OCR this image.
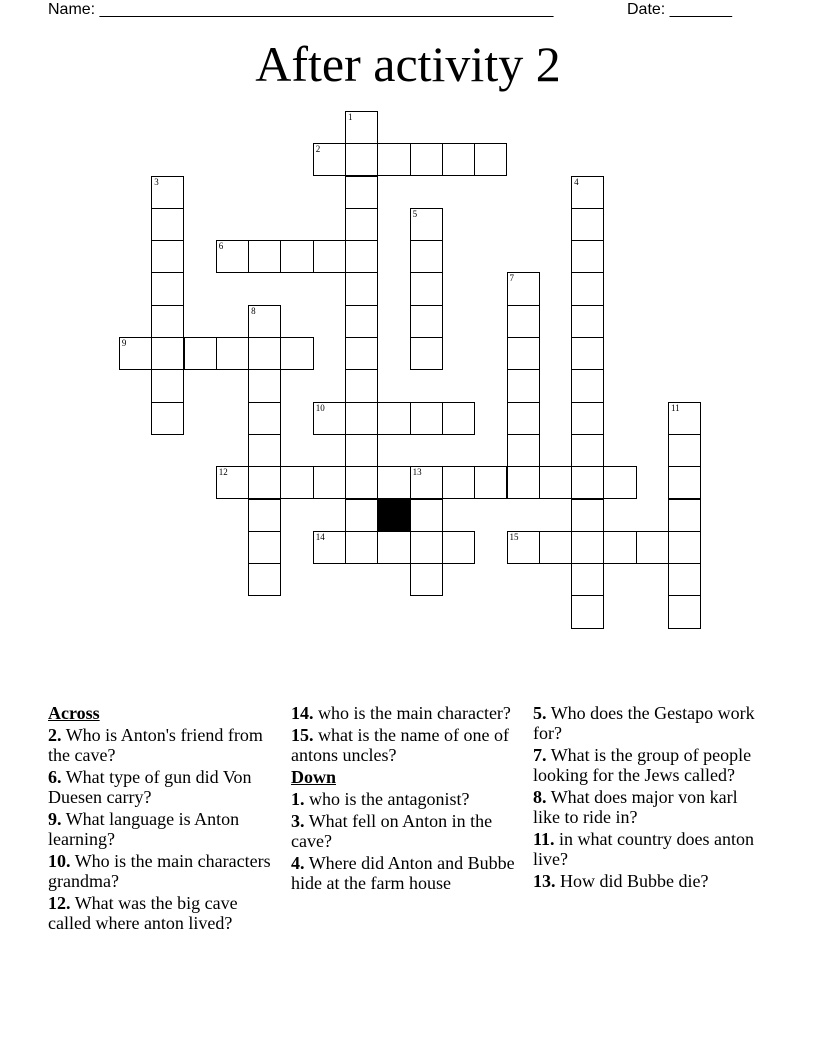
Name: ___________________________________________________	Date: _______
After activity 2
1
2
3	4
5
6
7
8
9
10	11
12	13
14	15
Across
2. Who is Anton's friend from the cave?
6. What type of gun did Von Duesen carry?
9. What language is Anton learning?
10. Who is the main characters grandma?
12. What was the big cave called where anton lived?
14. who is the main character?
15. what is the name of one of antons uncles?
Down
1. who is the antagonist?
3. What fell on Anton in the cave?
4. Where did Anton and Bubbe hide at the farm house
5. Who does the Gestapo work for?
7. What is the group of people looking for the Jews called?
8. What does major von karl like to ride in?
11. in what country does anton live?
13. How did Bubbe die?
